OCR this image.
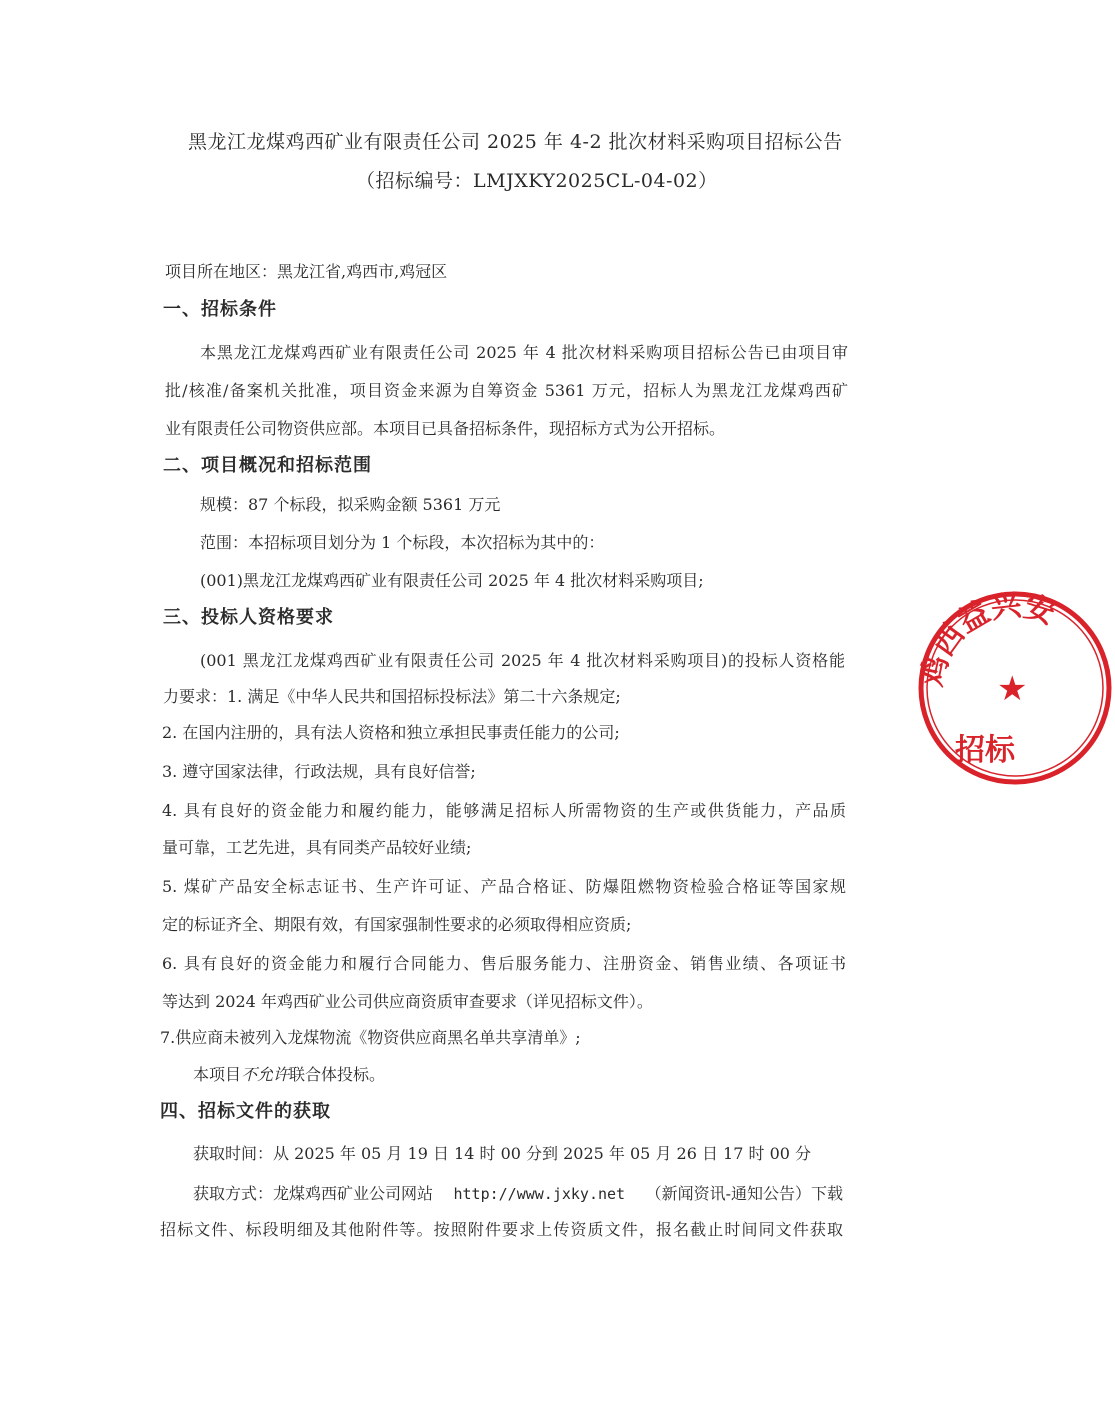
黑龙江龙煤鸡西矿业有限责任公司 2025 年 4-2 批次材料采购项目招标公告
（招标编号：LMJXKY2025CL-04-02）
项目所在地区：黑龙江省,鸡西市,鸡冠区
一、招标条件
本黑龙江龙煤鸡西矿业有限责任公司 2025 年 4 批次材料采购项目招标公告已由项目审
批/核准/备案机关批准，项目资金来源为自筹资金 5361 万元，招标人为黑龙江龙煤鸡西矿
业有限责任公司物资供应部。本项目已具备招标条件，现招标方式为公开招标。
二、项目概况和招标范围
规模：87 个标段，拟采购金额 5361 万元
范围：本招标项目划分为 1 个标段，本次招标为其中的：
(001)黑龙江龙煤鸡西矿业有限责任公司 2025 年 4 批次材料采购项目;
三、投标人资格要求
(001 黑龙江龙煤鸡西矿业有限责任公司 2025 年 4 批次材料采购项目)的投标人资格能
力要求：1. 满足《中华人民共和国招标投标法》第二十六条规定;
2. 在国内注册的，具有法人资格和独立承担民事责任能力的公司;
3. 遵守国家法律，行政法规，具有良好信誉;
4. 具有良好的资金能力和履约能力，能够满足招标人所需物资的生产或供货能力，产品质
量可靠，工艺先进，具有同类产品较好业绩;
5. 煤矿产品安全标志证书、生产许可证、产品合格证、防爆阻燃物资检验合格证等国家规
定的标证齐全、期限有效，有国家强制性要求的必须取得相应资质;
6. 具有良好的资金能力和履行合同能力、售后服务能力、注册资金、销售业绩、各项证书
等达到 2024 年鸡西矿业公司供应商资质审查要求（详见招标文件）。
7.供应商未被列入龙煤物流《物资供应商黑名单共享清单》;
本项目不允许联合体投标。
四、招标文件的获取
获取时间：从 2025 年 05 月 19 日 14 时 00 分到 2025 年 05 月 26 日 17 时 00 分
获取方式：龙煤鸡西矿业公司网站 http://www.jxky.net （新闻资讯-通知公告）下载
招标文件、标段明细及其他附件等。按照附件要求上传资质文件，报名截止时间同文件获取
鸡西益兴安
★
招标
